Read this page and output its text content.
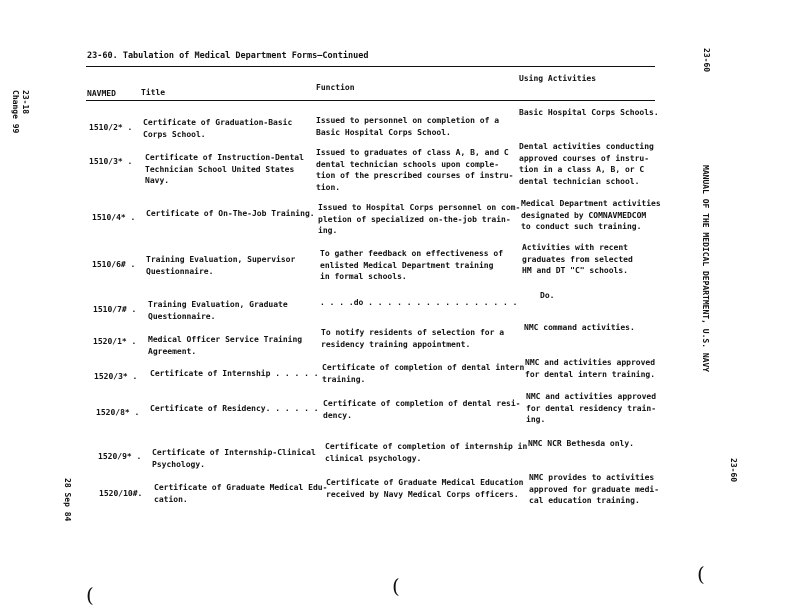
23-60. Tabulation of Medical Department Forms—Continued
Using Activities
Function
Title
NAVMED
1510/2* .
Certificate of Graduation-Basic
Corps School.
Issued to personnel on completion of a
Basic Hospital Corps School.
Basic Hospital Corps Schools.
1510/3* . Certificate of Instruction-Dental
Technician School United States
Navy.
Issued to graduates of class A, B, and C
dental technician schools upon comple-
tion of the prescribed courses of instru-
tion.
Dental activities conducting
approved courses of instru-
tion in a class A, B, or C
dental technician school.
1510/4* . Certificate of On-The-Job Training.
Issued to Hospital Corps personnel on com-
pletion of specialized on-the-job train-
ing.
Medical Department activities
designated by COMNAVMEDCOM
to conduct such training.
1510/6# .
Training Evaluation, Supervisor
Questionnaire.
To gather feedback on effectiveness of
enlisted Medical Department training
in formal schools.
Activities with recent
graduates from selected
HM and DT "C" schools.
1510/7# .
Training Evaluation, Graduate
Questionnaire.
. . . .do . . . . . . . . . . . . . . . .
Do.
1520/1* . Medical Officer Service Training
Agreement.
To notify residents of selection for a
residency training appointment.
NMC command activities.
1520/3* . Certificate of Internship . . . . .
Certificate of completion of dental intern
training.
NMC and activities approved
for dental intern training.
1520/8* . Certificate of Residency. . . . . .
Certificate of completion of dental resi-
dency.
NMC and activities approved
for dental residency train-
ing.
1520/9* . Certificate of Internship-Clinical
Psychology.
Certificate of completion of internship in
clinical psychology.
NMC NCR Bethesda only.
1520/10#.
Certificate of Graduate Medical Edu-
cation.
Certificate of Graduate Medical Education
received by Navy Medical Corps officers.
NMC provides to activities
approved for graduate medi-
cal education training.
23-18
Change 99
28 Sep 84
23-60
MANUAL OF THE MEDICAL DEPARTMENT, U.S. NAVY
23-60
(	(	(
